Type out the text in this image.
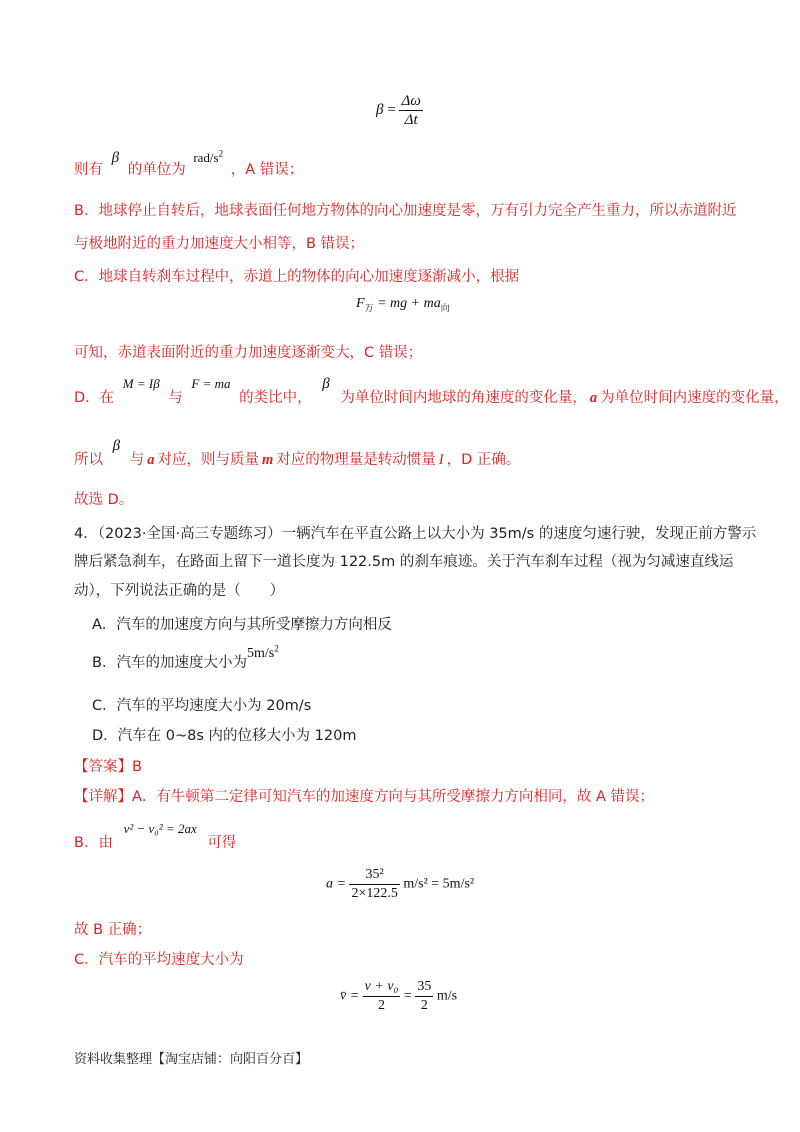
$\beta = \frac{\Delta\omega}{\Delta t}$
则有 β 的单位为 rad/$s^2$ ，A 错误；
B．地球停止自转后，地球表面任何地方物体的向心加速度是零，万有引力完全产生重力，所以赤道附近
与极地附近的重力加速度大小相等，B 错误；
C．地球自转刹车过程中，赤道上的物体的向心加速度逐渐减小，根据
$F_万$ = mg + $ma_向$
可知，赤道表面附近的重力加速度逐渐变大，C 错误；
D．在 M = Iβ 与 F = ma 的类比中， β 为单位时间内地球的角速度的变化量， a 为单位时间内速度的变化量，
所以 β 与 a 对应，则与质量 m 对应的物理量是转动惯量 I ，D 正确。
故选 D。
4．（2023·全国·高三专题练习）一辆汽车在平直公路上以大小为 35m/s 的速度匀速行驶，发现正前方警示
牌后紧急刹车，在路面上留下一道长度为 122.5m 的刹车痕迹。关于汽车刹车过程（视为匀减速直线运
动），下列说法正确的是（　　）
A．汽车的加速度方向与其所受摩擦力方向相反
B．汽车的加速度大小为$5m/s^2$
C．汽车的平均速度大小为 20m/s
D．汽车在 0~8s 内的位移大小为 120m
【答案】B
【详解】A．有牛顿第二定律可知汽车的加速度方向与其所受摩擦力方向相同，故 A 错误；
B．由 v² − v₀² = 2ax 可得
$a = \frac{\text{35²}}{2\times 122.5} m/s^2 = 5m/s^2$
故 B 正确；
C．汽车的平均速度大小为
v̄ = $\frac{\text{v + v₀}}{2} = \frac{35}{2} m/s$
资料收集整理【淘宝店铺：向阳百分百】
